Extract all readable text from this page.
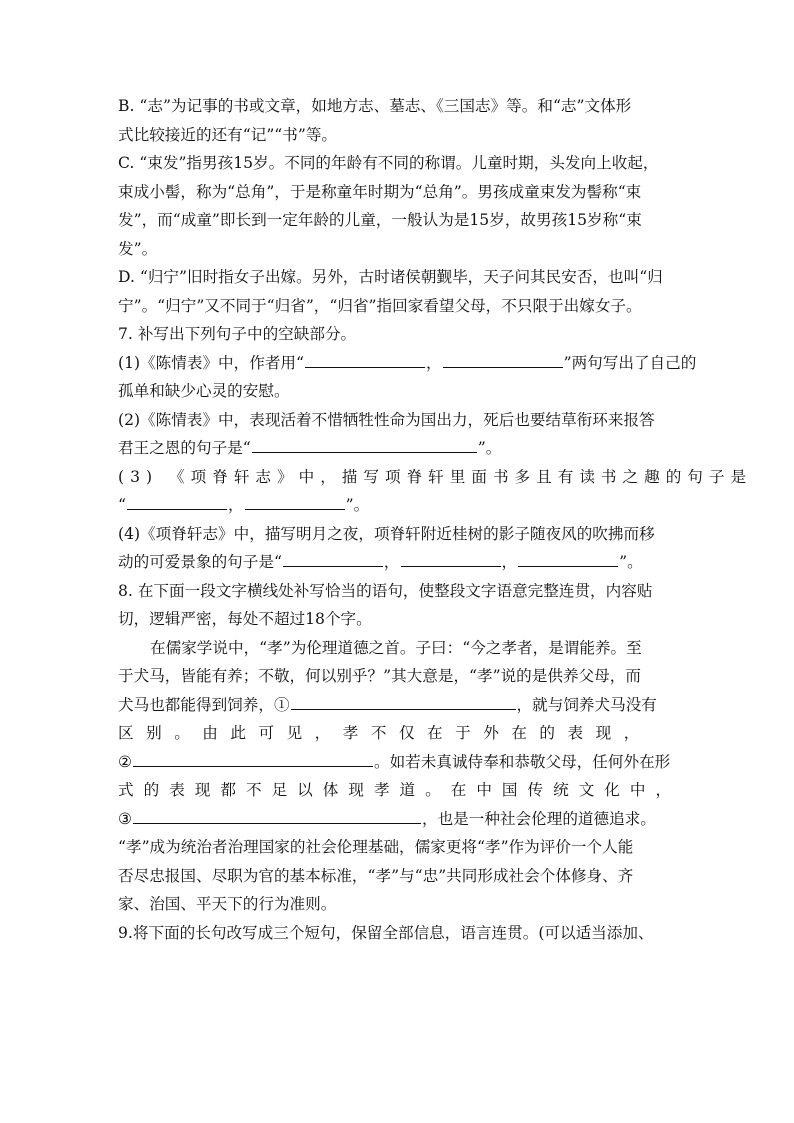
B. “志”为记事的书或文章，如地方志、墓志、《三国志》等。和“志”文体形
式比较接近的还有“记”“书”等。
C. “束发”指男孩15岁。不同的年龄有不同的称谓。儿童时期，头发向上收起，
束成小髻，称为“总角”，于是称童年时期为“总角”。男孩成童束发为髻称“束
发”，而“成童”即长到一定年龄的儿童，一般认为是15岁，故男孩15岁称“束
发”。
D. “归宁”旧时指女子出嫁。另外，古时诸侯朝觐毕，天子问其民安否，也叫“归
宁”。“归宁”又不同于“归省”，“归省”指回家看望父母，不只限于出嫁女子。
7. 补写出下列句子中的空缺部分。
(1)《陈情表》中，作者用“	，	”两句写出了自己的
孤单和缺少心灵的安慰。
(2)《陈情表》中，表现活着不惜牺牲性命为国出力，死后也要结草衔环来报答
君王之恩的句子是“	”。
(3) 《项脊轩志》中，描写项脊轩里面书多且有读书之趣的句子是
“	，	”。
(4)《项脊轩志》中，描写明月之夜，项脊轩附近桂树的影子随夜风的吹拂而移
动的可爱景象的句子是“	，	，	”。
8. 在下面一段文字横线处补写恰当的语句，使整段文字语意完整连贯，内容贴
切，逻辑严密，每处不超过18个字。
在儒家学说中，“孝”为伦理道德之首。子曰：“今之孝者，是谓能养。至
于犬马，皆能有养；不敬，何以别乎？”其大意是，“孝”说的是供养父母，而
犬马也都能得到饲养，①	，就与饲养犬马没有
区别。由此可见，孝不仅在于外在的表现，
②	。如若未真诚侍奉和恭敬父母，任何外在形
式的表现都不足以体现孝道。在中国传统文化中，
③	，也是一种社会伦理的道德追求。
“孝”成为统治者治理国家的社会伦理基础，儒家更将“孝”作为评价一个人能
否尽忠报国、尽职为官的基本标准，“孝”与“忠”共同形成社会个体修身、齐
家、治国、平天下的行为准则。
9.将下面的长句改写成三个短句，保留全部信息，语言连贯。(可以适当添加、
